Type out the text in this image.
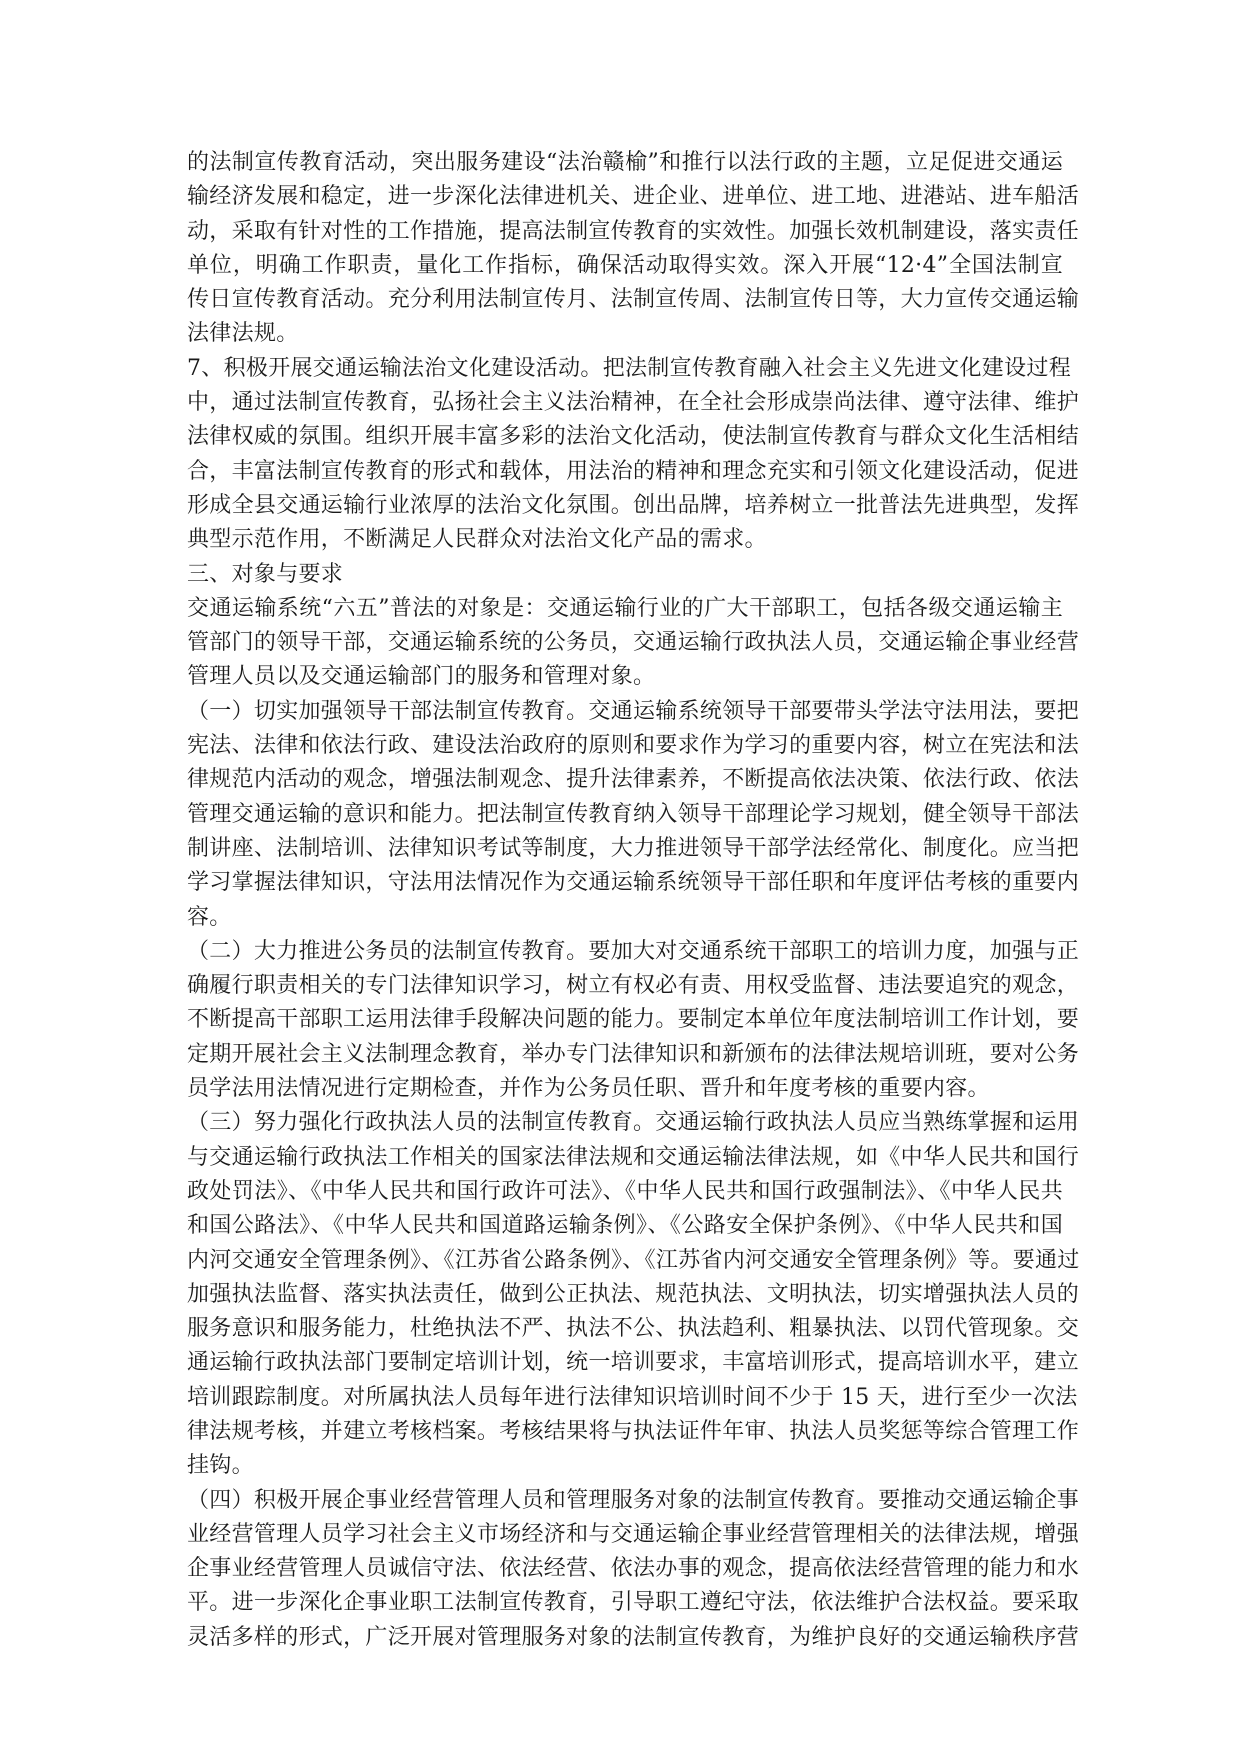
的法制宣传教育活动，突出服务建设“法治赣榆”和推行以法行政的主题，立足促进交通运
输经济发展和稳定，进一步深化法律进机关、进企业、进单位、进工地、进港站、进车船活
动，采取有针对性的工作措施，提高法制宣传教育的实效性。加强长效机制建设，落实责任
单位，明确工作职责，量化工作指标，确保活动取得实效。深入开展“12·4”全国法制宣
传日宣传教育活动。充分利用法制宣传月、法制宣传周、法制宣传日等，大力宣传交通运输
法律法规。
7、积极开展交通运输法治文化建设活动。把法制宣传教育融入社会主义先进文化建设过程
中，通过法制宣传教育，弘扬社会主义法治精神，在全社会形成崇尚法律、遵守法律、维护
法律权威的氛围。组织开展丰富多彩的法治文化活动，使法制宣传教育与群众文化生活相结
合，丰富法制宣传教育的形式和载体，用法治的精神和理念充实和引领文化建设活动，促进
形成全县交通运输行业浓厚的法治文化氛围。创出品牌，培养树立一批普法先进典型，发挥
典型示范作用，不断满足人民群众对法治文化产品的需求。
三、对象与要求
交通运输系统“六五”普法的对象是：交通运输行业的广大干部职工，包括各级交通运输主
管部门的领导干部，交通运输系统的公务员，交通运输行政执法人员，交通运输企事业经营
管理人员以及交通运输部门的服务和管理对象。
（一）切实加强领导干部法制宣传教育。交通运输系统领导干部要带头学法守法用法，要把
宪法、法律和依法行政、建设法治政府的原则和要求作为学习的重要内容，树立在宪法和法
律规范内活动的观念，增强法制观念、提升法律素养，不断提高依法决策、依法行政、依法
管理交通运输的意识和能力。把法制宣传教育纳入领导干部理论学习规划，健全领导干部法
制讲座、法制培训、法律知识考试等制度，大力推进领导干部学法经常化、制度化。应当把
学习掌握法律知识，守法用法情况作为交通运输系统领导干部任职和年度评估考核的重要内
容。
（二）大力推进公务员的法制宣传教育。要加大对交通系统干部职工的培训力度，加强与正
确履行职责相关的专门法律知识学习，树立有权必有责、用权受监督、违法要追究的观念，
不断提高干部职工运用法律手段解决问题的能力。要制定本单位年度法制培训工作计划，要
定期开展社会主义法制理念教育，举办专门法律知识和新颁布的法律法规培训班，要对公务
员学法用法情况进行定期检查，并作为公务员任职、晋升和年度考核的重要内容。
（三）努力强化行政执法人员的法制宣传教育。交通运输行政执法人员应当熟练掌握和运用
与交通运输行政执法工作相关的国家法律法规和交通运输法律法规，如《中华人民共和国行
政处罚法》、《中华人民共和国行政许可法》、《中华人民共和国行政强制法》、《中华人民共
和国公路法》、《中华人民共和国道路运输条例》、《公路安全保护条例》、《中华人民共和国
内河交通安全管理条例》、《江苏省公路条例》、《江苏省内河交通安全管理条例》等。要通过
加强执法监督、落实执法责任，做到公正执法、规范执法、文明执法，切实增强执法人员的
服务意识和服务能力，杜绝执法不严、执法不公、执法趋利、粗暴执法、以罚代管现象。交
通运输行政执法部门要制定培训计划，统一培训要求，丰富培训形式，提高培训水平，建立
培训跟踪制度。对所属执法人员每年进行法律知识培训时间不少于 15 天，进行至少一次法
律法规考核，并建立考核档案。考核结果将与执法证件年审、执法人员奖惩等综合管理工作
挂钩。
（四）积极开展企事业经营管理人员和管理服务对象的法制宣传教育。要推动交通运输企事
业经营管理人员学习社会主义市场经济和与交通运输企事业经营管理相关的法律法规，增强
企事业经营管理人员诚信守法、依法经营、依法办事的观念，提高依法经营管理的能力和水
平。进一步深化企事业职工法制宣传教育，引导职工遵纪守法，依法维护合法权益。要采取
灵活多样的形式，广泛开展对管理服务对象的法制宣传教育，为维护良好的交通运输秩序营
